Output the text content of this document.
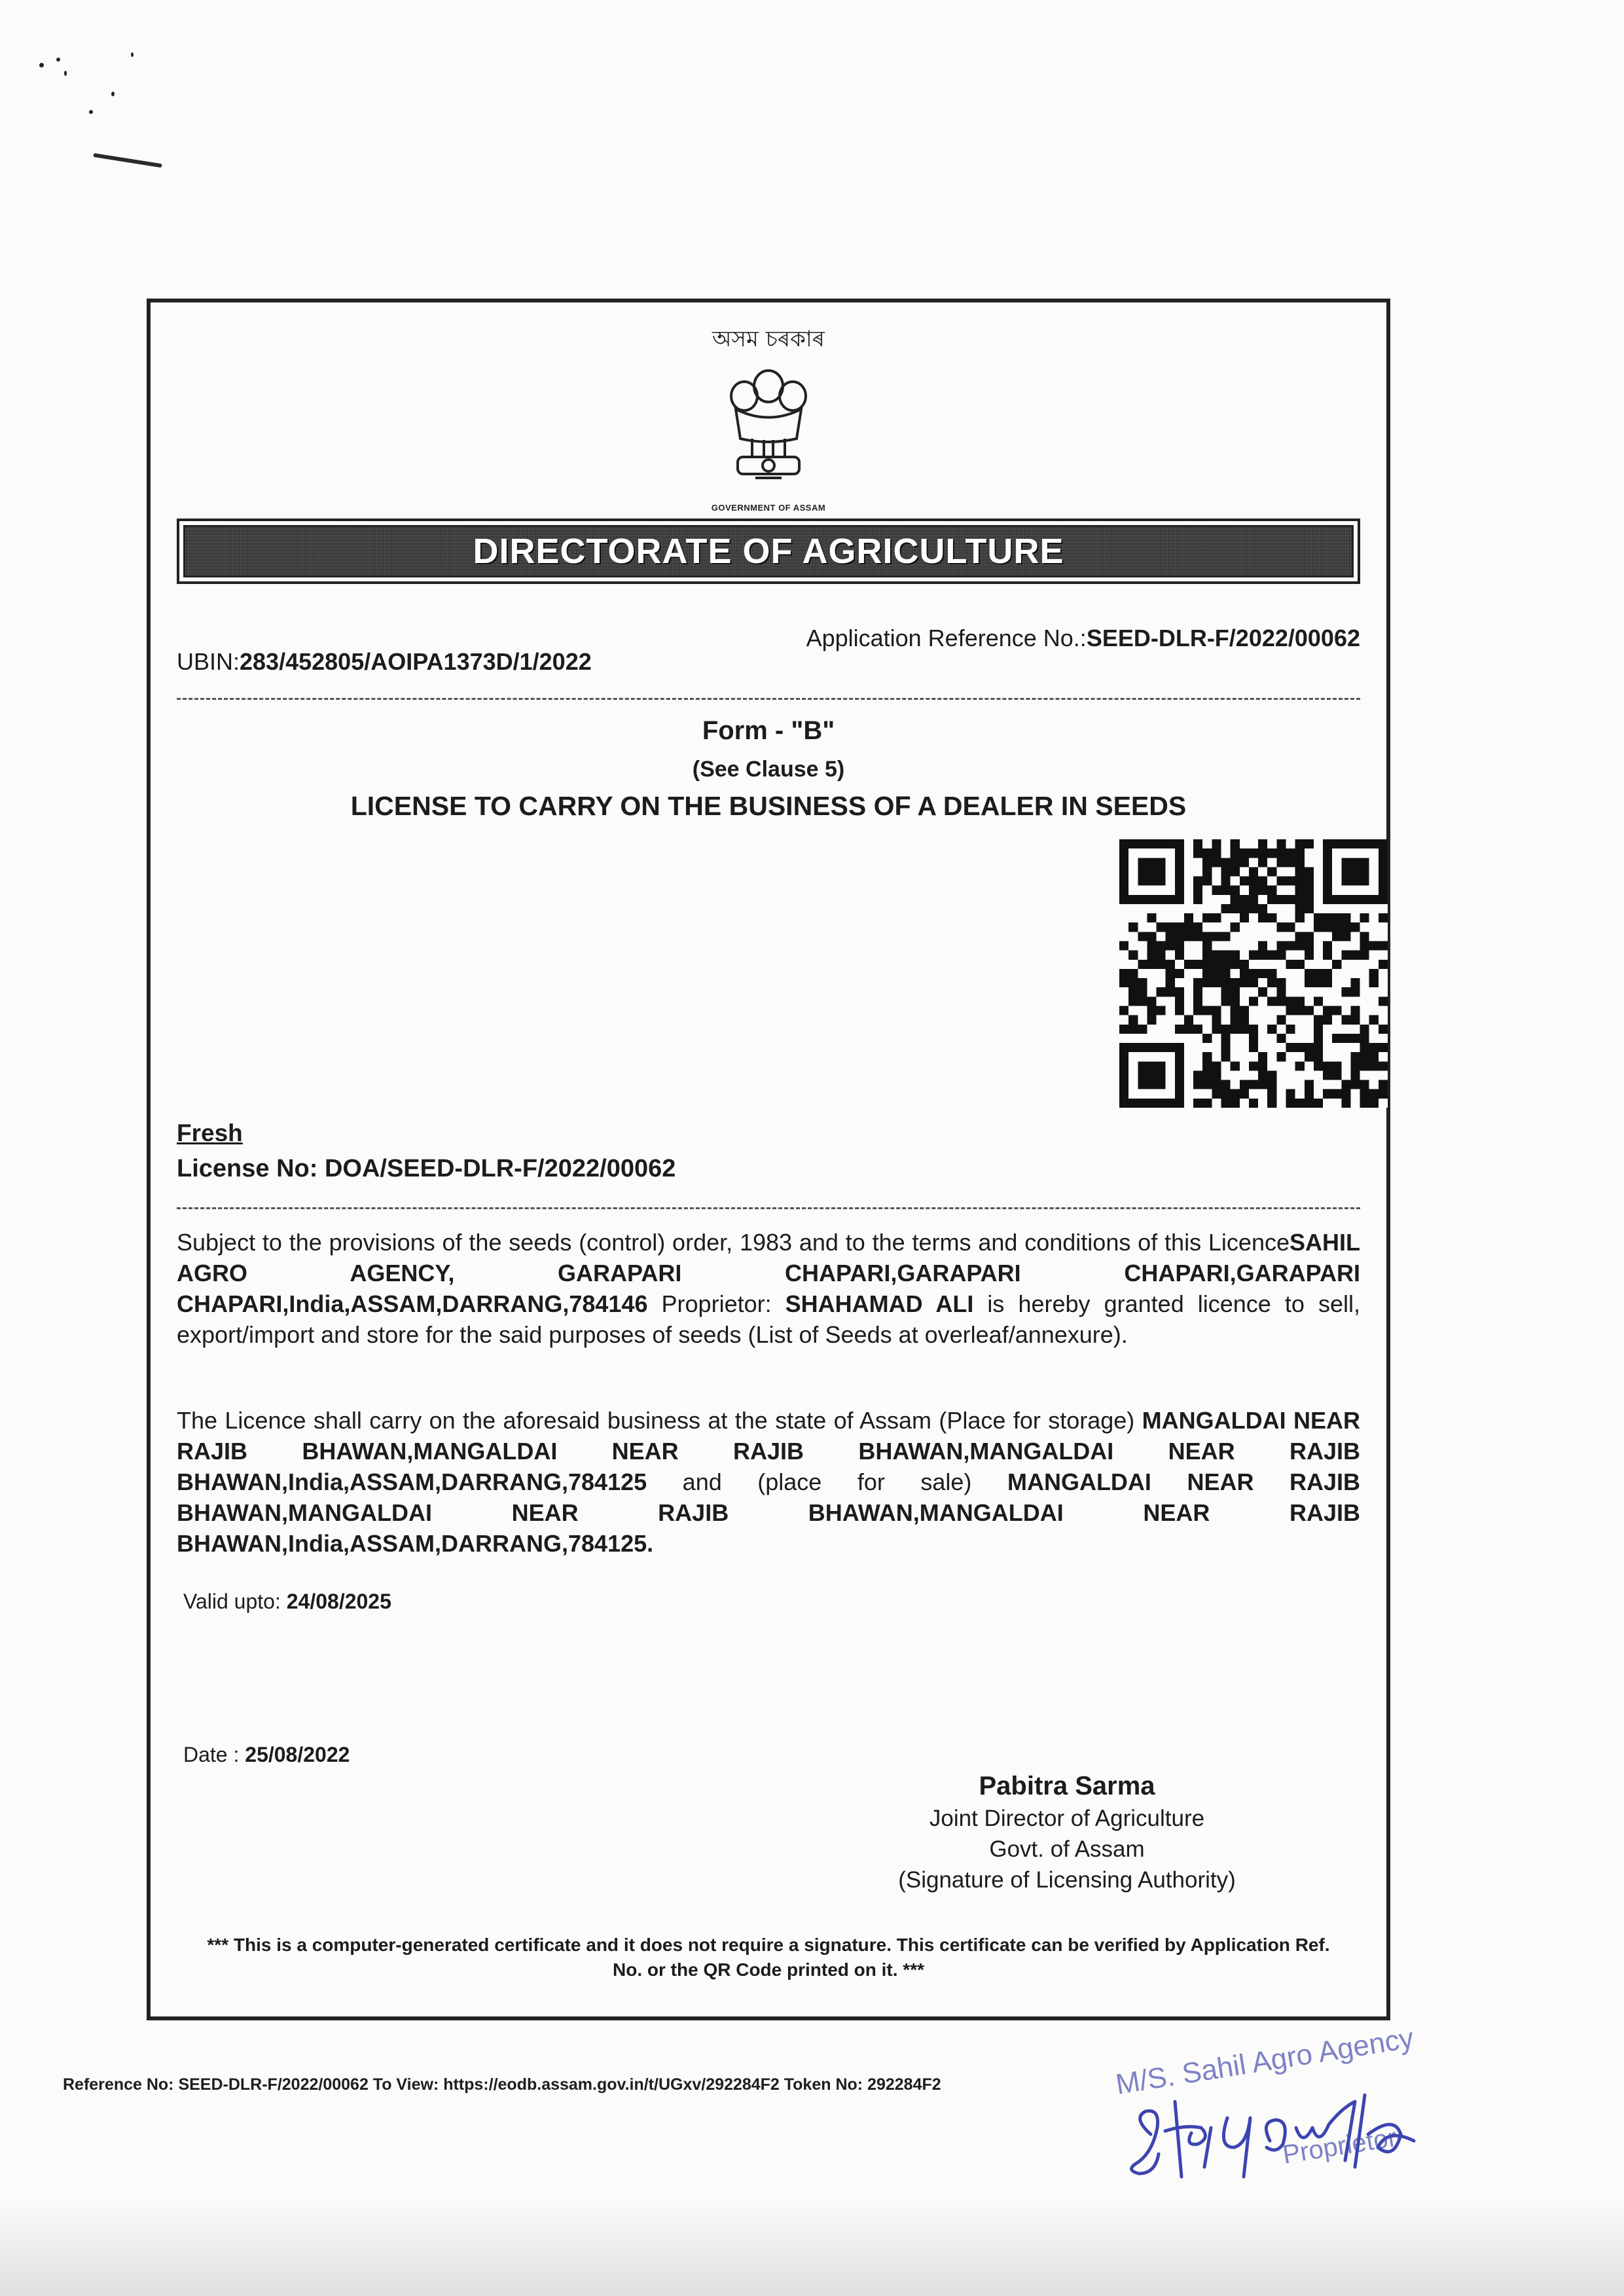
অসম চৰকাৰ
GOVERNMENT OF ASSAM
DIRECTORATE OF AGRICULTURE
UBIN:283/452805/AOIPA1373D/1/2022
Application Reference No.:SEED-DLR-F/2022/00062
Form - "B"
(See Clause 5)
LICENSE TO CARRY ON THE BUSINESS OF A DEALER IN SEEDS
Fresh
License No: DOA/SEED-DLR-F/2022/00062
Subject to the provisions of the seeds (control) order, 1983 and to the terms and conditions of this LicenceSAHIL AGRO AGENCY, GARAPARI CHAPARI,GARAPARI CHAPARI,GARAPARI CHAPARI,India,ASSAM,DARRANG,784146 Proprietor: SHAHAMAD ALI is hereby granted licence to sell, export/import and store for the said purposes of seeds (List of Seeds at overleaf/annexure).
The Licence shall carry on the aforesaid business at the state of Assam (Place for storage) MANGALDAI NEAR RAJIB BHAWAN,MANGALDAI NEAR RAJIB BHAWAN,MANGALDAI NEAR RAJIB BHAWAN,India,ASSAM,DARRANG,784125 and (place for sale) MANGALDAI NEAR RAJIB BHAWAN,MANGALDAI NEAR RAJIB BHAWAN,MANGALDAI NEAR RAJIB BHAWAN,India,ASSAM,DARRANG,784125.
Valid upto: 24/08/2025
Date : 25/08/2022
Pabitra Sarma
Joint Director of Agriculture
Govt. of Assam
(Signature of Licensing Authority)
*** This is a computer-generated certificate and it does not require a signature. This certificate can be verified by Application Ref. No. or the QR Code printed on it. ***
Reference No: SEED-DLR-F/2022/00062 To View: https://eodb.assam.gov.in/t/UGxv/292284F2 Token No: 292284F2	M/S. Sahil Agro Agency
Proprietor
